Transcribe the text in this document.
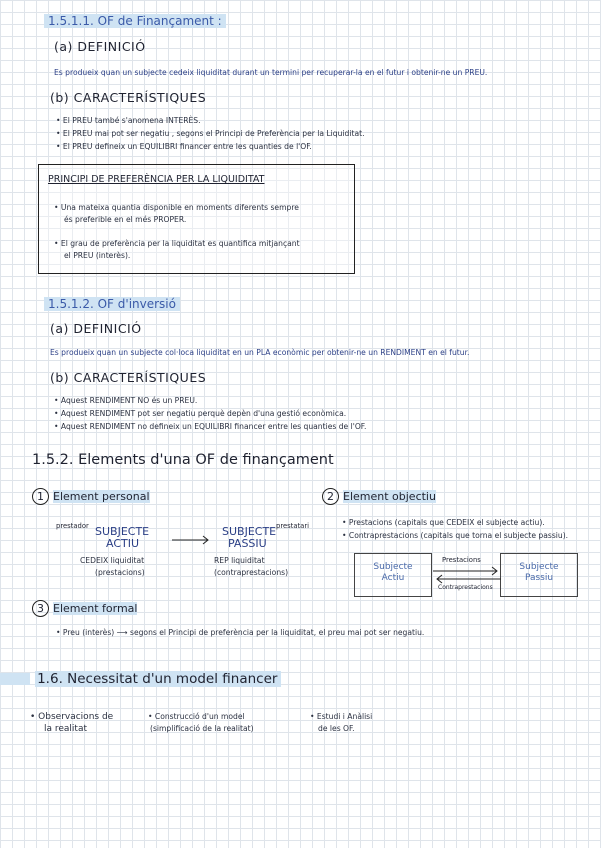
1.5.1.1. OF de Finançament :
(a) DEFINICIÓ
Es produeix quan un subjecte cedeix liquiditat durant un termini per recuperar-la en el futur i obtenir-ne un PREU.
(b) CARACTERÍSTIQUES
• El PREU també s'anomena INTERÈS.
• El PREU mai pot ser negatiu , segons el Principi de Preferència per la Liquiditat.
• El PREU defineix un EQUILIBRI financer entre les quanties de l'OF.
PRINCIPI DE PREFERÈNCIA PER LA LIQUIDITAT
• Una mateixa quantia disponible en moments diferents sempre
és preferible en el més PROPER.
• El grau de preferència per la liquiditat es quantifica mitjançant
el PREU (interès).
1.5.1.2. OF d'inversió
(a) DEFINICIÓ
Es produeix quan un subjecte col·loca liquiditat en un PLA econòmic per obtenir-ne un RENDIMENT en el futur.
(b) CARACTERÍSTIQUES
• Aquest RENDIMENT NO és un PREU.
• Aquest RENDIMENT pot ser negatiu perquè depèn d'una gestió econòmica.
• Aquest RENDIMENT no defineix un EQUILIBRI financer entre les quanties de l'OF.
1.5.2. Elements d'una OF de finançament
1 Element personal
prestador SUBJECTE
ACTIU
CEDEIX liquiditat
(prestacions)
SUBJECTE
PASSIU
prestatari
REP liquiditat
(contraprestacions)
2 Element objectiu
• Prestacions (capitals que CEDEIX el subjecte actiu).
• Contraprestacions (capitals que torna el subjecte passiu).
Subjecte
Actiu
Subjecte
Passiu
Prestacions
Contraprestacions
3 Element formal
• Preu (interès) ⟶ segons el Principi de preferència per la liquiditat, el preu mai pot ser negatiu.
1.6. Necessitat d'un model financer
• Observacions de
la realitat
• Construcció d'un model
(simplificació de la realitat)
• Estudi i Anàlisi
de les OF.
